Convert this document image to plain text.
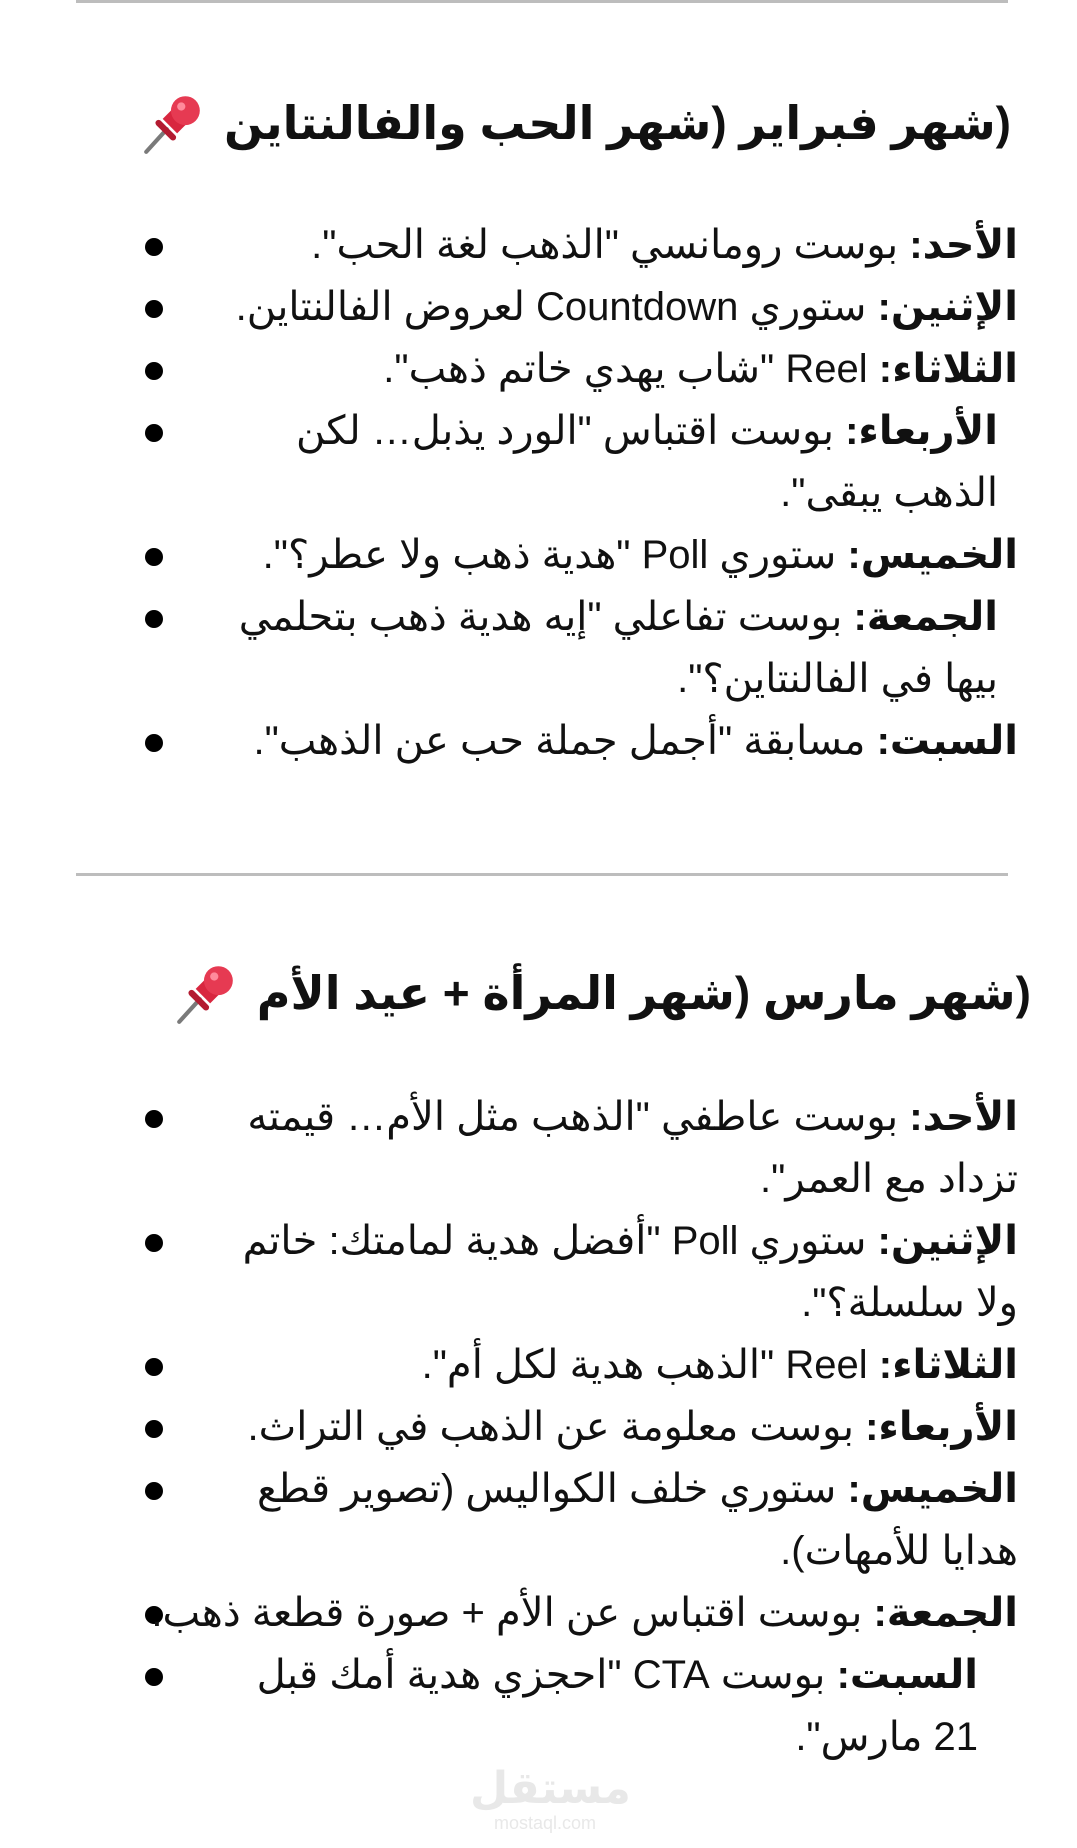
(شهر فبراير (شهر الحب والفالنتاين
الأحد: بوست رومانسي "الذهب لغة الحب".
الإثنين: ستوري Countdown لعروض الفالنتاين.
الثلاثاء: Reel "شاب يهدي خاتم ذهب".
الأربعاء: بوست اقتباس "الورد يذبل… لكن الذهب يبقى".
الخميس: ستوري Poll "هدية ذهب ولا عطر؟".
الجمعة: بوست تفاعلي "إيه هدية ذهب بتحلمي بيها في الفالنتاين؟".
السبت: مسابقة "أجمل جملة حب عن الذهب".
(شهر مارس (شهر المرأة + عيد الأم
الأحد: بوست عاطفي "الذهب مثل الأم… قيمته تزداد مع العمر".
الإثنين: ستوري Poll "أفضل هدية لمامتك: خاتم ولا سلسلة؟".
الثلاثاء: Reel "الذهب هدية لكل أم".
الأربعاء: بوست معلومة عن الذهب في التراث.
الخميس: ستوري خلف الكواليس (تصوير قطع هدايا للأمهات).
الجمعة: بوست اقتباس عن الأم + صورة قطعة ذهب.
السبت: بوست CTA "احجزي هدية أمك قبل 21 مارس".
مستقل
mostaql.com
